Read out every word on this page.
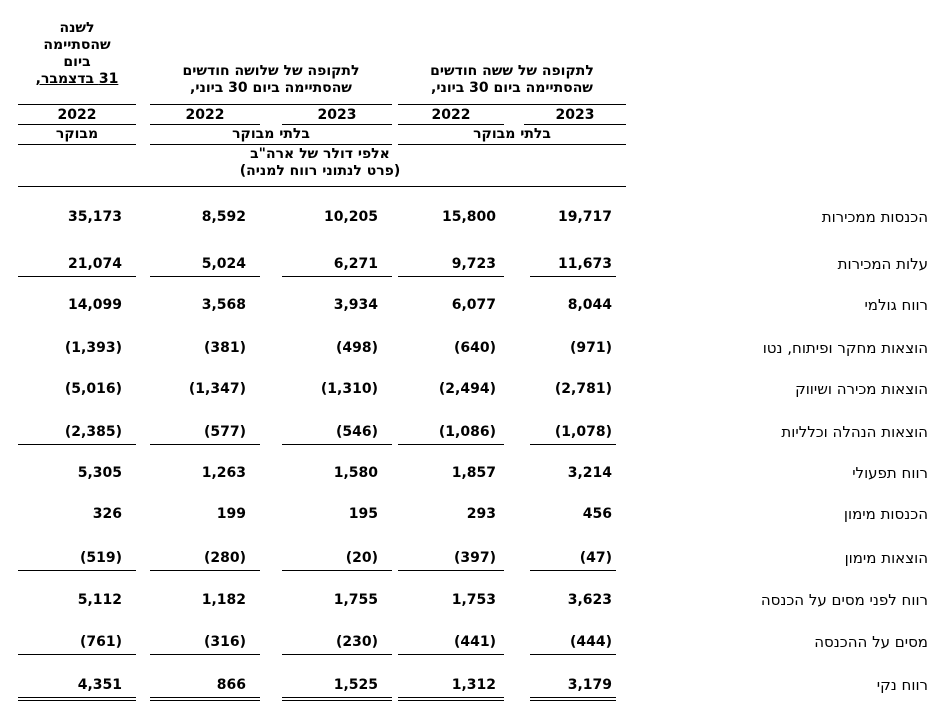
לשנה
שהסתיימה
ביום
31 בדצמבר,
2022
מבוקר
לתקופה של שלושה חודשים
שהסתיימה ביום 30 ביוני,
2023
2022
בלתי מבוקר
לתקופה של ששה חודשים
שהסתיימה ביום 30 ביוני,
2023
2022
בלתי מבוקר
אלפי דולר של ארה"ב
(פרט לנתוני רווח למניה)
הכנסות ממכירות
19,717
15,800
10,205
8,592
35,173
עלות המכירות
11,673
9,723
6,271
5,024
21,074
רווח גולמי
8,044
6,077
3,934
3,568
14,099
הוצאות מחקר ופיתוח, נטו
(971)
(640)
(498)
(381)
(1,393)
הוצאות מכירה ושיווק
(2,781)
(2,494)
(1,310)
(1,347)
(5,016)
הוצאות הנהלה וכלליות
(1,078)
(1,086)
(546)
(577)
(2,385)
רווח תפעולי
3,214
1,857
1,580
1,263
5,305
הכנסות מימון
456
293
195
199
326
הוצאות מימון
(47)
(397)
(20)
(280)
(519)
רווח לפני מסים על הכנסה
3,623
1,753
1,755
1,182
5,112
מסים על ההכנסה
(444)
(441)
(230)
(316)
(761)
רווח נקי
3,179
1,312
1,525
866
4,351
